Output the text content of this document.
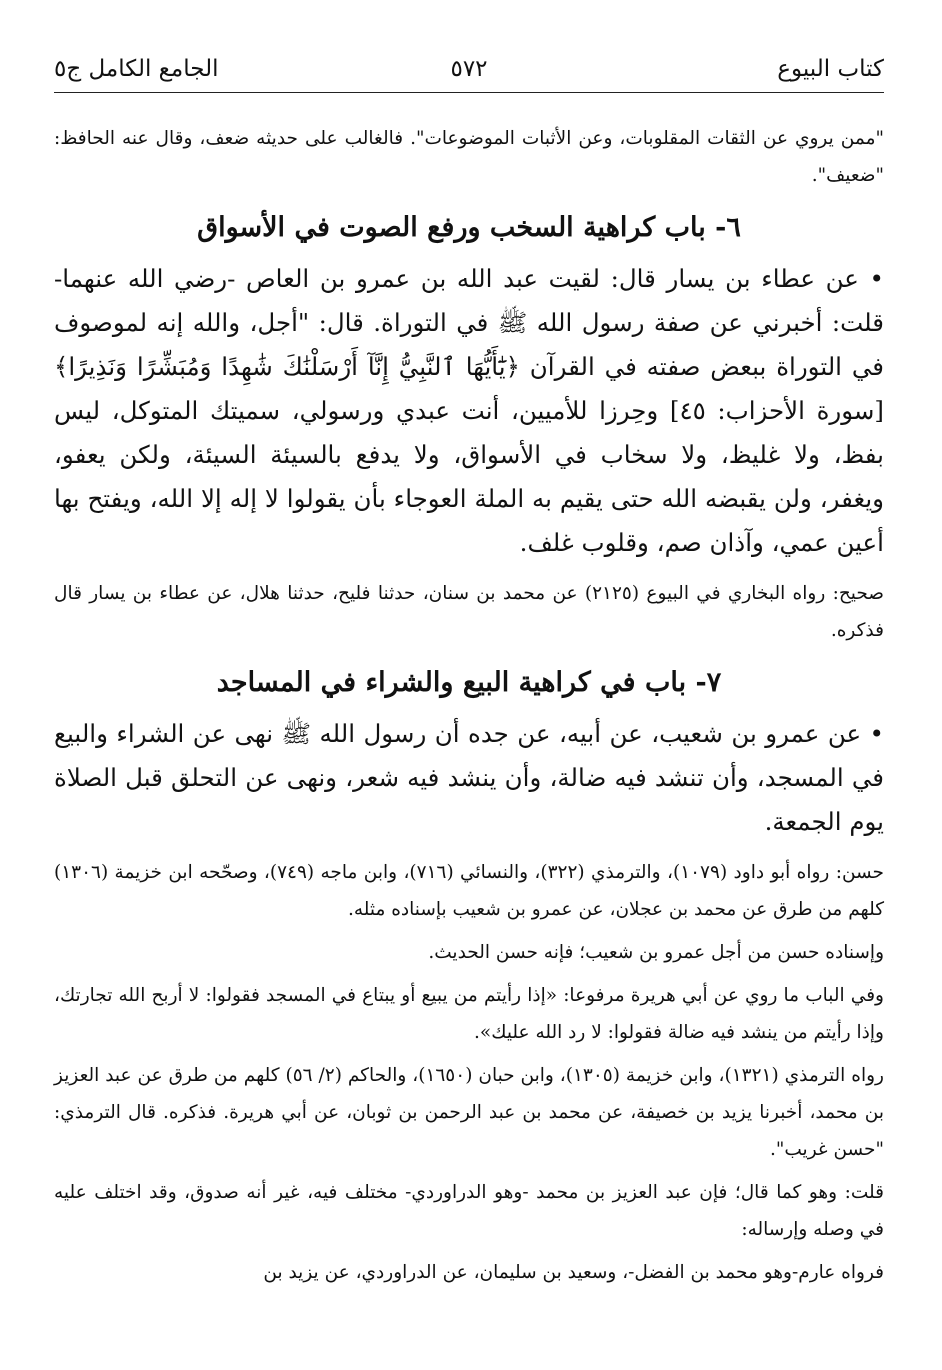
كتاب البيوع
٥٧٢
الجامع الكامل ج٥

"ممن يروي عن الثقات المقلوبات، وعن الأثبات الموضوعات". فالغالب على حديثه ضعف، وقال عنه الحافظ: "ضعيف".

٦- باب كراهية السخب ورفع الصوت في الأسواق

• عن عطاء بن يسار قال: لقيت عبد الله بن عمرو بن العاص -رضي الله عنهما- قلت: أخبرني عن صفة رسول الله ﷺ في التوراة. قال: "أجل، والله إنه لموصوف في التوراة ببعض صفته في القرآن ﴿يَٰٓأَيُّهَا ٱلنَّبِيُّ إِنَّآ أَرْسَلْنَٰكَ شَٰهِدًا وَمُبَشِّرًا وَنَذِيرًا﴾ [سورة الأحزاب: ٤٥] وحِرزا للأميين، أنت عبدي ورسولي، سميتك المتوكل، ليس بفظ، ولا غليظ، ولا سخاب في الأسواق، ولا يدفع بالسيئة السيئة، ولكن يعفو، ويغفر، ولن يقبضه الله حتى يقيم به الملة العوجاء بأن يقولوا لا إله إلا الله، ويفتح بها أعين عمي، وآذان صم، وقلوب غلف.

صحيح: رواه البخاري في البيوع (٢١٢٥) عن محمد بن سنان، حدثنا فليح، حدثنا هلال، عن عطاء بن يسار قال فذكره.

٧- باب في كراهية البيع والشراء في المساجد

• عن عمرو بن شعيب، عن أبيه، عن جده أن رسول الله ﷺ نهى عن الشراء والبيع في المسجد، وأن تنشد فيه ضالة، وأن ينشد فيه شعر، ونهى عن التحلق قبل الصلاة يوم الجمعة.

حسن: رواه أبو داود (١٠٧٩)، والترمذي (٣٢٢)، والنسائي (٧١٦)، وابن ماجه (٧٤٩)، وصحّحه ابن خزيمة (١٣٠٦) كلهم من طرق عن محمد بن عجلان، عن عمرو بن شعيب بإسناده مثله.

وإسناده حسن من أجل عمرو بن شعيب؛ فإنه حسن الحديث.

وفي الباب ما روي عن أبي هريرة مرفوعا: «إذا رأيتم من يبيع أو يبتاع في المسجد فقولوا: لا أربح الله تجارتك، وإذا رأيتم من ينشد فيه ضالة فقولوا: لا رد الله عليك».

رواه الترمذي (١٣٢١)، وابن خزيمة (١٣٠٥)، وابن حبان (١٦٥٠)، والحاكم (٢/ ٥٦) كلهم من طرق عن عبد العزيز بن محمد، أخبرنا يزيد بن خصيفة، عن محمد بن عبد الرحمن بن ثوبان، عن أبي هريرة. فذكره. قال الترمذي: "حسن غريب".

قلت: وهو كما قال؛ فإن عبد العزيز بن محمد -وهو الدراوردي- مختلف فيه، غير أنه صدوق، وقد اختلف عليه في وصله وإرساله:

فرواه عارم-وهو محمد بن الفضل-، وسعيد بن سليمان، عن الدراوردي، عن يزيد بن
